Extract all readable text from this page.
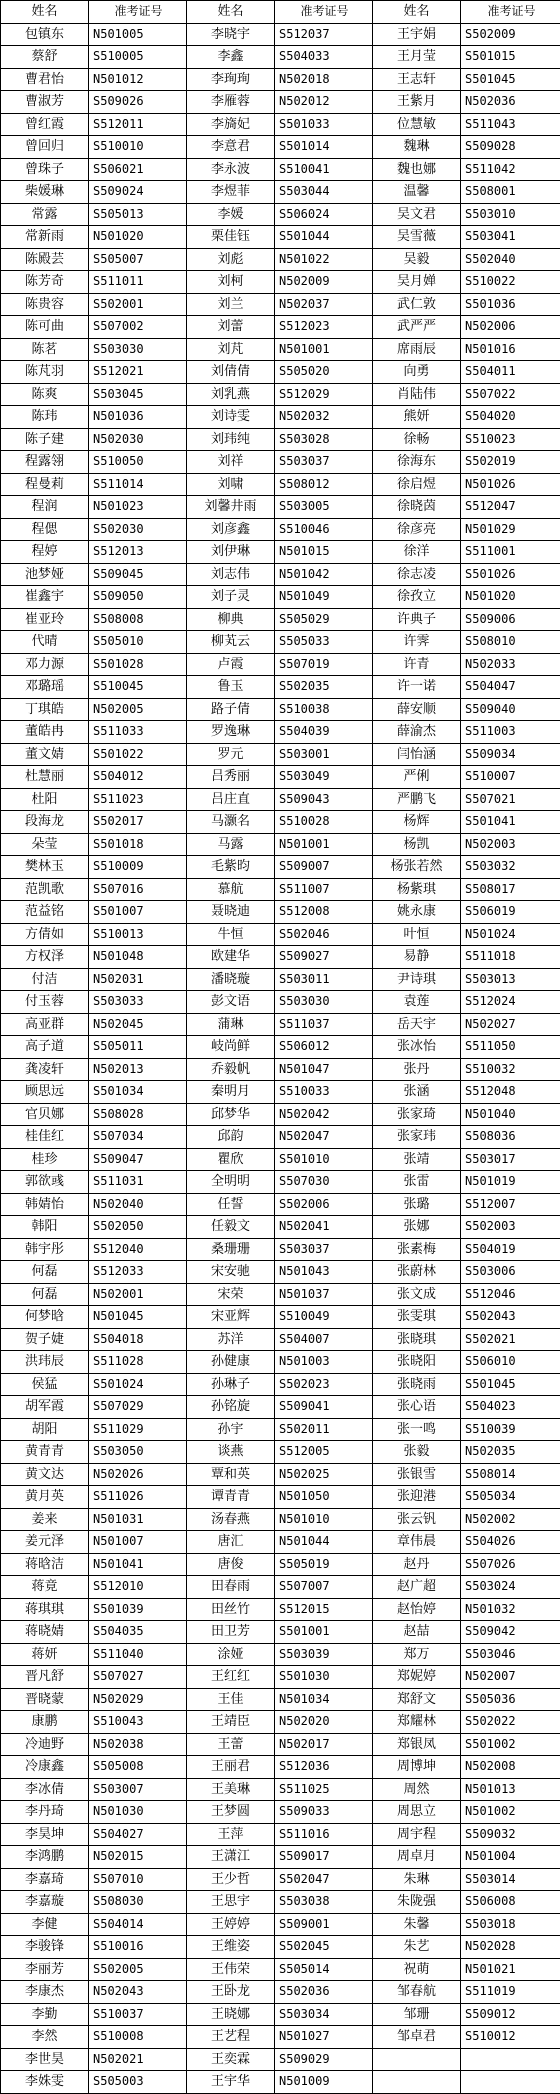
姓名	准考证号	姓名	准考证号	姓名	准考证号
包镇东	N501005	李晓宇	S512037	王宇娟	S502009
蔡舒	S510005	李鑫	S504033	王月莹	S501015
曹君怡	N501012	李珣珣	N502018	王志轩	S501045
曹淑芳	S509026	李雁蓉	N502012	王紫月	N502036
曾红霞	S512011	李旖妃	S501033	位慧敏	S511043
曾回归	S510010	李意君	S501014	魏琳	S509028
曾珠子	S506021	李永波	S510041	魏也娜	S511042
柴媛琳	S509024	李煜菲	S503044	温馨	S508001
常露	S505013	李媛	S506024	吴文君	S503010
常新雨	N501020	栗佳钰	S501044	吴雪薇	S503041
陈殿芸	S505007	刘彪	N501022	吴毅	S502040
陈芳奇	S511011	刘柯	N502009	吴月婵	S510022
陈贵容	S502001	刘兰	N502037	武仁敦	S501036
陈可曲	S507002	刘蕾	S512023	武严严	N502006
陈茗	S503030	刘芃	N501001	席雨辰	N501016
陈芃羽	S512021	刘倩倩	S505020	向勇	S504011
陈爽	S503045	刘乳燕	S512029	肖陆伟	S507022
陈玮	N501036	刘诗雯	N502032	熊妍	S504020
陈子建	N502030	刘玮纯	S503028	徐畅	S510023
程露翎	S510050	刘祥	S503037	徐海东	S502019
程曼莉	S511014	刘啸	S508012	徐启煜	N501026
程润	N501023	刘馨井雨	S503005	徐晓茵	S512047
程偲	S502030	刘彦鑫	S510046	徐彦亮	N501029
程婷	S512013	刘伊琳	N501015	徐洋	S511001
池梦娅	S509045	刘志伟	N501042	徐志凌	S501026
崔鑫宇	S509050	刘子灵	N501049	徐孜立	N501020
崔亚玲	S508008	柳典	S505029	许典子	S509006
代晴	S505010	柳芄云	S505033	许霁	S508010
邓力源	S501028	卢霞	S507019	许青	N502033
邓璐瑶	S510045	鲁玉	S502035	许一诺	S504047
丁琪皓	N502005	路子倩	S510038	薛安顺	S509040
董皓冉	S511033	罗逸琳	S504039	薛渝杰	S511003
董文婧	S501022	罗元	S503001	闫怡涵	S509034
杜慧丽	S504012	吕秀丽	S503049	严俐	S510007
杜阳	S511023	吕庄直	S509043	严鹏飞	S507021
段海龙	S502017	马灏名	S510028	杨辉	S501041
朵莹	S501018	马露	N501001	杨凯	N502003
樊林玉	S510009	毛紫昀	S509007	杨张若然	S503032
范凯歌	S507016	慕航	S511007	杨紫琪	S508017
范益铭	S501007	聂晓迪	S512008	姚永康	S506019
方倩如	S510013	牛恒	S502046	叶恒	N501024
方权泽	N501048	欧建华	S509027	易静	S511018
付洁	N502031	潘晓璇	S503011	尹诗琪	S503013
付玉蓉	S503033	彭文语	S503030	袁莲	S512024
高亚群	N502045	蒲琳	S511037	岳天宇	N502027
高子道	S505011	岐尚鲜	S506012	张冰怡	S511050
龚凌轩	N502013	乔毅帆	N501047	张丹	S510032
顾思远	S501034	秦明月	S510033	张涵	S512048
官贝娜	S508028	邱梦华	N502042	张家琦	N501040
桂佳红	S507034	邱韵	N502047	张家玮	S508036
桂珍	S509047	瞿欣	S501010	张靖	S503017
郭欲彧	S511031	全明明	S507030	张雷	N501019
韩婧怡	N502040	任誓	S502006	张璐	S512007
韩阳	S502050	任毅文	N502041	张娜	S502003
韩宇彤	S512040	桑珊珊	S503037	张素梅	S504019
何磊	S512033	宋安驰	N501043	张蔚林	S503006
何磊	N502001	宋荣	N501037	张文成	S512046
何梦晗	N501045	宋亚辉	S510049	张雯琪	S502043
贺子婕	S504018	苏洋	S504007	张晓琪	S502021
洪玮辰	S511028	孙健康	N501003	张晓阳	S506010
侯猛	S501024	孙琳子	S502023	张晓雨	S501045
胡军霞	S507029	孙铭旋	S509041	张心语	S504023
胡阳	S511029	孙宇	S502011	张一鸣	S510039
黄青青	S503050	谈燕	S512005	张毅	N502035
黄文达	N502026	覃和英	N502025	张银雪	S508014
黄月英	S511026	谭青青	N501050	张迎港	S505034
姜来	N501031	汤春燕	N501010	张云钒	N502002
姜元泽	N501007	唐汇	N501044	章伟晨	S504026
蒋晗洁	N501041	唐俊	S505019	赵丹	S507026
蒋竟	S512010	田春雨	S507007	赵广超	S503024
蒋琪琪	S501039	田丝竹	S512015	赵怡婷	N501032
蒋晓婧	S504035	田卫芳	S501001	赵喆	S509042
蒋妍	S511040	涂娅	S503039	郑万	S503046
晋凡舒	S507027	王红红	S501030	郑妮婷	N502007
晋晓蒙	N502029	王佳	N501034	郑舒文	S505036
康鹏	S510043	王靖臣	N502020	郑耀林	S502022
冷迪野	N502038	王蕾	N502017	郑银凤	S501002
冷康鑫	S505008	王丽君	S512036	周博坤	N502008
李冰倩	S503007	王美琳	S511025	周然	N501013
李丹琦	N501030	王梦圆	S509033	周思立	N501002
李昊坤	S504027	王萍	S511016	周宇程	S509032
李鸿鹏	N502015	王潇江	S509017	周卓月	N501004
李嘉琦	S507010	王少哲	S502047	朱琳	S503014
李嘉璇	S508030	王思宇	S503038	朱陇强	S506008
李健	S504014	王婷婷	S509001	朱馨	S503018
李骏锋	S510016	王维姿	S502045	朱艺	N502028
李丽芳	S502005	王伟荣	S505014	祝萌	N501021
李康杰	N502043	王卧龙	S502036	邹春航	S511019
李勤	S510037	王晓娜	S503034	邹珊	S509012
李然	S510008	王艺程	N501027	邹卓君	S510012
李世昊	N502021	王奕霖	S509029		
李姝雯	S505003	王宇华	N501009		
